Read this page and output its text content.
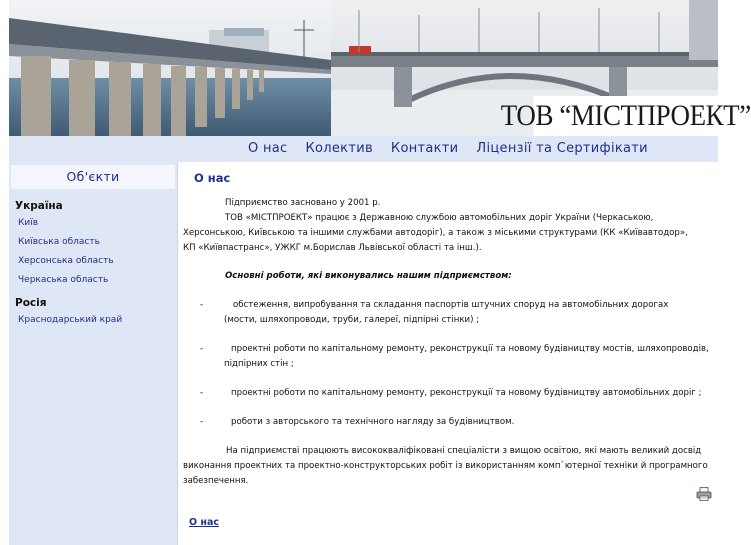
ТОВ “МІСТПРОЕКТ”
О нас Колектив Контакти Ліцензії та Сертифікати
Об'єкти
Україна
Київ
Київська область
Херсонська область
Черкаська область
Росія
Краснодарський край
О нас
Підприємство засновано у 2001 р.
ТОВ «МІСТПРОЕКТ» працює з Державною службою автомобільних доріг України (Черкаською,
Херсонською, Київською та іншими службами автодоріг), а також з міськими структурами (КК «Київавтодор»,
КП «Київпастранс», УЖКГ м.Борислав Львівської області та інш.).
Основні роботи, які виконувались нашим підприємством:
-	обстеження, випробування та складання паспортів штучних споруд на автомобільних дорогах
(мости, шляхопроводи, труби, галереї, підпірні стінки) ;
-	проектні роботи по капітальному ремонту, реконструкції та новому будівництву мостів, шляхопроводів,
підпірних стін ;
-	проектні роботи по капітальному ремонту, реконструкції та новому будівництву автомобільних доріг ;
-	роботи з авторського та технічного нагляду за будівництвом.
На підприємстві працюють висококваліфіковані спеціалісти з вищою освітою, які мають великий досвід
виконання проектних та проектно-конструкторських робіт із використанням комп`ютерної техніки й програмного
забезпечення.
О нас
